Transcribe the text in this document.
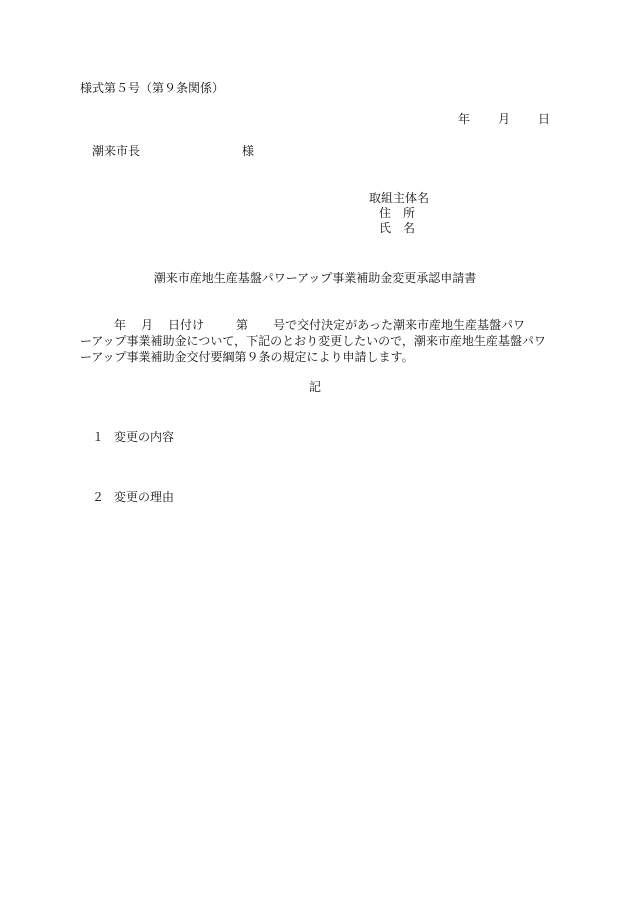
様式第５号（第９条関係）
年 月 日
潮来市長	様
取組主体名
住　所
氏　名
潮来市産地生産基盤パワーアップ事業補助金変更承認申請書
年 月 日付け	第 号で交付決定があった潮来市産地生産基盤パワ
ーアップ事業補助金について，下記のとおり変更したいので，潮来市産地生産基盤パワ
ーアップ事業補助金交付要綱第９条の規定により申請します。
記
１ 変更の内容
２ 変更の理由
